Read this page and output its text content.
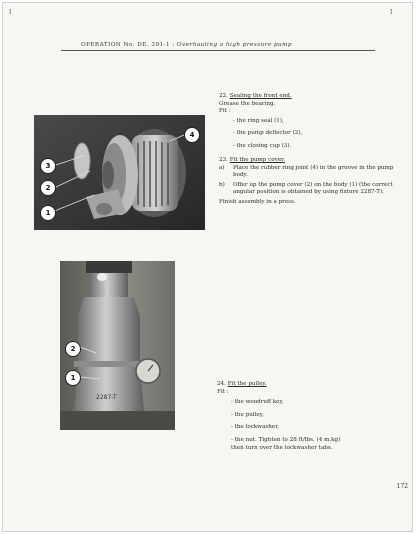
I	I
OPERATION No. DE. 391-1 : Overhauling a high pressure pump
22. Sealing the front end.
Grease the bearing.
Fit :
- the ring seal (1),
- the pump deflector (2),
- the closing cup (3).
23. Fit the pump cover.
a)	Place the rubber ring joint (4) in the groove in the pump body.
b)	Offer up the pump cover (2) on the body (1) (the correct angular position is obtained by using fixture 2287-T).
Finish assembly in a press.
4
3
2
1
2287-T
2
1
24. Fit the pulley.
Fit :
- the woodruff key,
- the pulley,
- the lockwasher,
- the nut. Tighten to 28 ft/lbs. (4 m.kg) then turn over the lockwasher tabs.
172
